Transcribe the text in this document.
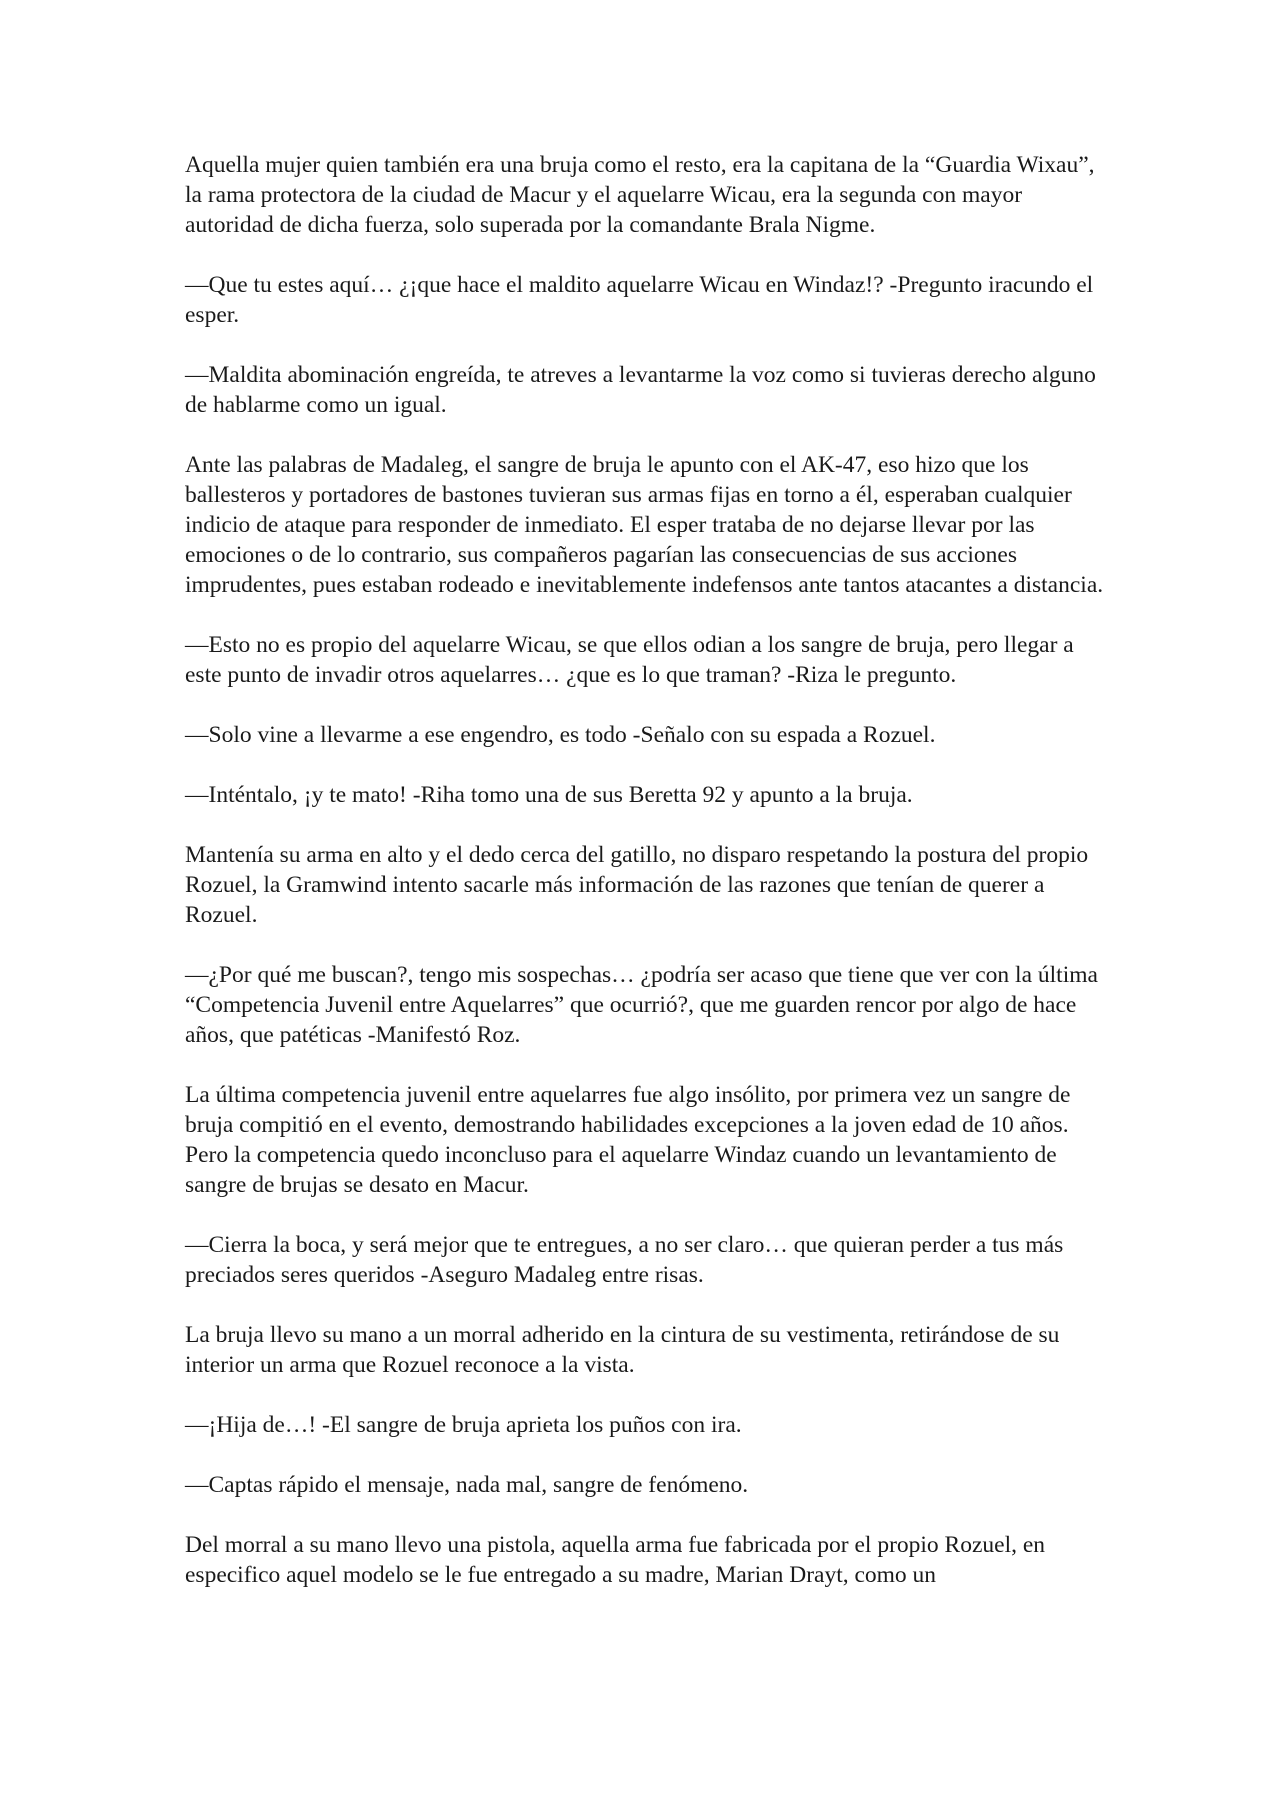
Aquella mujer quien también era una bruja como el resto, era la capitana de la “Guardia Wixau”, la rama protectora de la ciudad de Macur y el aquelarre Wicau, era la segunda con mayor autoridad de dicha fuerza, solo superada por la comandante Brala Nigme.

—Que tu estes aquí… ¿¡que hace el maldito aquelarre Wicau en Windaz!? -Pregunto iracundo el esper.

—Maldita abominación engreída, te atreves a levantarme la voz como si tuvieras derecho alguno de hablarme como un igual.

Ante las palabras de Madaleg, el sangre de bruja le apunto con el AK-47, eso hizo que los ballesteros y portadores de bastones tuvieran sus armas fijas en torno a él, esperaban cualquier indicio de ataque para responder de inmediato. El esper trataba de no dejarse llevar por las emociones o de lo contrario, sus compañeros pagarían las consecuencias de sus acciones imprudentes, pues estaban rodeado e inevitablemente indefensos ante tantos atacantes a distancia.

—Esto no es propio del aquelarre Wicau, se que ellos odian a los sangre de bruja, pero llegar a este punto de invadir otros aquelarres… ¿que es lo que traman? -Riza le pregunto.

—Solo vine a llevarme a ese engendro, es todo -Señalo con su espada a Rozuel.

—Inténtalo, ¡y te mato! -Riha tomo una de sus Beretta 92 y apunto a la bruja.

Mantenía su arma en alto y el dedo cerca del gatillo, no disparo respetando la postura del propio Rozuel, la Gramwind intento sacarle más información de las razones que tenían de querer a Rozuel.

—¿Por qué me buscan?, tengo mis sospechas… ¿podría ser acaso que tiene que ver con la última “Competencia Juvenil entre Aquelarres” que ocurrió?, que me guarden rencor por algo de hace años, que patéticas -Manifestó Roz.

La última competencia juvenil entre aquelarres fue algo insólito, por primera vez un sangre de bruja compitió en el evento, demostrando habilidades excepciones a la joven edad de 10 años. Pero la competencia quedo inconcluso para el aquelarre Windaz cuando un levantamiento de sangre de brujas se desato en Macur.

—Cierra la boca, y será mejor que te entregues, a no ser claro… que quieran perder a tus más preciados seres queridos -Aseguro Madaleg entre risas.

La bruja llevo su mano a un morral adherido en la cintura de su vestimenta, retirándose de su interior un arma que Rozuel reconoce a la vista.

—¡Hija de…! -El sangre de bruja aprieta los puños con ira.

—Captas rápido el mensaje, nada mal, sangre de fenómeno.

Del morral a su mano llevo una pistola, aquella arma fue fabricada por el propio Rozuel, en especifico aquel modelo se le fue entregado a su madre, Marian Drayt, como un
